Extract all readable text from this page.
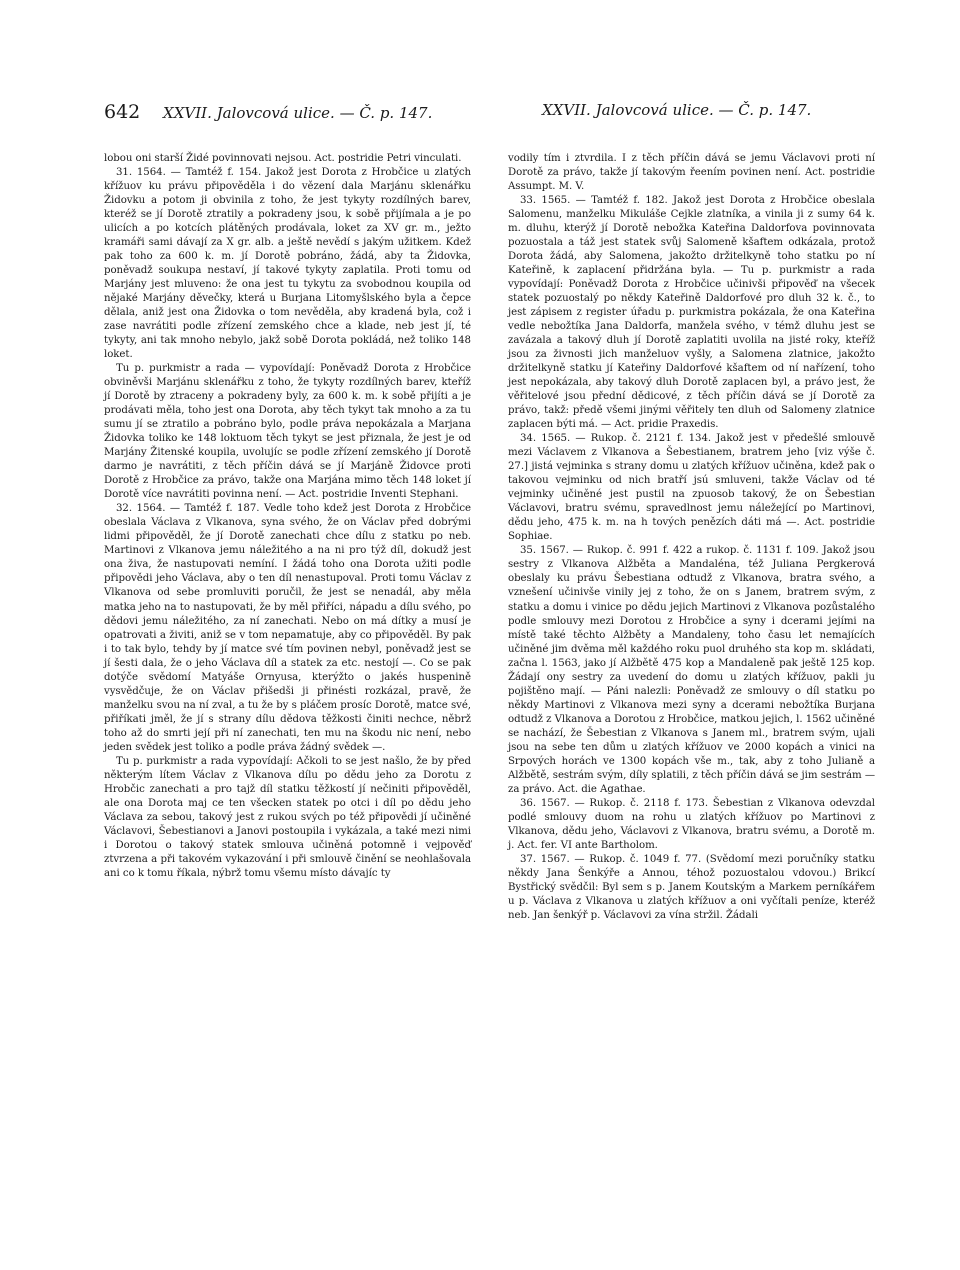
642 XXVII. Jalovcová ulice. — Č. p. 147.	XXVII. Jalovcová ulice. — Č. p. 147.

lobou oni starší Židé povinnovati nejsou. Act. postridie Petri vinculati.

31. 1564. — Tamtéž f. 154. Jakož jest Dorota z Hrobčice u zlatých křížuov ku právu připověděla i do vězení dala Marjánu sklenářku Židovku a potom ji obvinila z toho, že jest tykyty rozdílných barev, kteréž se jí Dorotě ztratily a pokradeny jsou, k sobě přijímala a je po ulicích a po kotcích plátěných prodávala, loket za XV gr. m., ježto kramáři sami dávají za X gr. alb. a ještě nevědí s jakým užitkem. Kdež pak toho za 600 k. m. jí Dorotě pobráno, žádá, aby ta Židovka, poněvadž soukupa nestaví, jí takové tykyty zaplatila. Proti tomu od Marjány jest mluveno: že ona jest tu tykytu za svobodnou koupila od nějaké Marjány děvečky, která u Burjana Litomyšlského byla a čepce dělala, aniž jest ona Židovka o tom nevěděla, aby kradená byla, což i zase navrátiti podle zřízení zemského chce a klade, neb jest jí, té tykyty, ani tak mnoho nebylo, jakž sobě Dorota pokládá, než toliko 148 loket.

Tu p. purkmistr a rada — vypovídají: Poněvadž Dorota z Hrobčice obviněvši Marjánu sklenářku z toho, že tykyty rozdílných barev, kteříž jí Dorotě by ztraceny a pokradeny byly, za 600 k. m. k sobě přijíti a je prodávati měla, toho jest ona Dorota, aby těch tykyt tak mnoho a za tu sumu jí se ztratilo a pobráno bylo, podle práva nepokázala a Marjana Židovka toliko ke 148 loktuom těch tykyt se jest přiznala, že jest je od Marjány Žitenské koupila, uvolujíc se podle zřízení zemského jí Dorotě darmo je navrátiti, z těch příčin dává se jí Marjáně Židovce proti Dorotě z Hrobčice za právo, takže ona Marjána mimo těch 148 loket jí Dorotě více navrátiti povinna není. — Act. postridie Inventi Stephani.

32. 1564. — Tamtéž f. 187. Vedle toho kdež jest Dorota z Hrobčice obeslala Václava z Vlkanova, syna svého, že on Václav před dobrými lidmi připověděl, že jí Dorotě zanechati chce dílu z statku po neb. Martinovi z Vlkanova jemu náležitého a na ni pro týž díl, dokudž jest ona živa, že nastupovati nemíní. I žádá toho ona Dorota užiti podle připovědi jeho Václava, aby o ten díl nenastupoval. Proti tomu Václav z Vlkanova od sebe promluviti poručil, že jest se nenadál, aby měla matka jeho na to nastupovati, že by měl přiříci, nápadu a dílu svého, po dědovi jemu náležitého, za ní zanechati. Nebo on má dítky a musí je opatrovati a živiti, aniž se v tom nepamatuje, aby co připověděl. By pak i to tak bylo, tehdy by jí matce své tím povinen nebyl, poněvadž jest se jí šesti dala, že o jeho Václava díl a statek za etc. nestojí —. Co se pak dotýče svědomí Matyáše Ornyusa, kterýžto o jakés huspenině vysvědčuje, že on Václav přišedši ji přinésti rozkázal, pravě, že manželku svou na ní zval, a tu že by s pláčem prosíc Dorotě, matce své, přiříkati jměl, že jí s strany dílu dědova těžkosti činiti nechce, něbrž toho až do smrti její při ní zanechati, ten mu na škodu nic není, nebo jeden svědek jest toliko a podle práva žádný svědek —.

Tu p. purkmistr a rada vypovídají: Ačkoli to se jest našlo, že by před některým lítem Václav z Vlkanova dílu po dědu jeho za Dorotu z Hrobčic zanechati a pro tajž díl statku těžkostí jí nečiniti připověděl, ale ona Dorota maj ce ten všecken statek po otci i díl po dědu jeho Václava za sebou, takový jest z rukou svých po též připovědi jí učiněné Václavovi, Šebestianovi a Janovi postoupila i vykázala, a také mezi nimi i Dorotou o takový statek smlouva učiněná potomně i vejpověď ztvrzena a při takovém vykazování i při smlouvě činění se neohlašovala ani co k tomu říkala, nýbrž tomu všemu místo dávajíc ty

vodily tím i ztvrdila. I z těch příčin dává se jemu Václavovi proti ní Dorotě za právo, takže jí takovým řeením povinen není. Act. postridie Assumpt. M. V.

33. 1565. — Tamtéž f. 182. Jakož jest Dorota z Hrobčice obeslala Salomenu, manželku Mikuláše Cejkle zlatníka, a vinila ji z sumy 64 k. m. dluhu, kterýž jí Dorotě nebožka Kateřina Daldorfova povinnovata pozuostala a táž jest statek svůj Salomeně kšaftem odkázala, protož Dorota žádá, aby Salomena, jakožto držitelkyně toho statku po ní Kateřině, k zaplacení přidržána byla. — Tu p. purkmistr a rada vypovídají: Poněvadž Dorota z Hrobčice učinivši připověď na všecek statek pozuostalý po někdy Kateřině Daldorfové pro dluh 32 k. č., to jest zápisem z register úřadu p. purkmistra pokázala, že ona Kateřina vedle nebožtíka Jana Daldorfa, manžela svého, v témž dluhu jest se zavázala a takový dluh jí Dorotě zaplatiti uvolila na jisté roky, kteříž jsou za živnosti jich manželuov vyšly, a Salomena zlatnice, jakožto držitelkyně statku jí Kateřiny Daldorfové kšaftem od ní nařízení, toho jest nepokázala, aby takový dluh Dorotě zaplacen byl, a právo jest, že věřitelové jsou přední dědicové, z těch příčin dává se jí Dorotě za právo, takž: předě všemi jinými věřitely ten dluh od Salomeny zlatnice zaplacen býti má. — Act. pridie Praxedis.

34. 1565. — Rukop. č. 2121 f. 134. Jakož jest v předešlé smlouvě mezi Václavem z Vlkanova a Šebestianem, bratrem jeho [viz výše č. 27.] jistá vejminka s strany domu u zlatých křížuov učiněna, kdež pak o takovou vejminku od nich bratří jsú smluveni, takže Václav od té vejminky učiněné jest pustil na zpuosob takový, že on Šebestian Václavovi, bratru svému, spravedlnost jemu náležející po Martinovi, dědu jeho, 475 k. m. na h tových penězích dáti má —. Act. postridie Sophiae.

35. 1567. — Rukop. č. 991 f. 422 a rukop. č. 1131 f. 109. Jakož jsou sestry z Vlkanova Alžběta a Mandaléna, též Juliana Pergkerová obeslaly ku právu Šebestiana odtudž z Vlkanova, bratra svého, a vznešení učinivše vinily jej z toho, že on s Janem, bratrem svým, z statku a domu i vinice po dědu jejich Martinovi z Vlkanova pozůstalého podle smlouvy mezi Dorotou z Hrobčice a syny i dcerami jejími na místě také těchto Alžběty a Mandaleny, toho času let nemajících učiněné jim dvěma měl každého roku puol druhého sta kop m. skládati, začna l. 1563, jako jí Alžbětě 475 kop a Mandaleně pak ještě 125 kop. Žádají ony sestry za uvedení do domu u zlatých křížuov, pakli ju pojištěno mají. — Páni nalezli: Poněvadž ze smlouvy o díl statku po někdy Martinovi z Vlkanova mezi syny a dcerami nebožtíka Burjana odtudž z Vlkanova a Dorotou z Hrobčice, matkou jejich, l. 1562 učiněné se nachází, že Šebestian z Vlkanova s Janem ml., bratrem svým, ujali jsou na sebe ten dům u zlatých křížuov ve 2000 kopách a vinici na Srpových horách ve 1300 kopách vše m., tak, aby z toho Julianě a Alžbětě, sestrám svým, díly splatili, z těch příčin dává se jim sestrám — za právo. Act. die Agathae.

36. 1567. — Rukop. č. 2118 f. 173. Šebestian z Vlkanova odevzdal podlé smlouvy duom na rohu u zlatých křížuov po Martinovi z Vlkanova, dědu jeho, Václavovi z Vlkanova, bratru svému, a Dorotě m. j. Act. fer. VI ante Bartholom.

37. 1567. — Rukop. č. 1049 f. 77. (Svědomí mezi poručníky statku někdy Jana Šenkýře a Annou, téhož pozuostalou vdovou.) Brikcí Bystřický svědčil: Byl sem s p. Janem Koutským a Markem perníkářem u p. Václava z Vlkanova u zlatých křížuov a oni vyčítali peníze, kteréž neb. Jan šenkýř p. Václavovi za vína stržil. Žádali
